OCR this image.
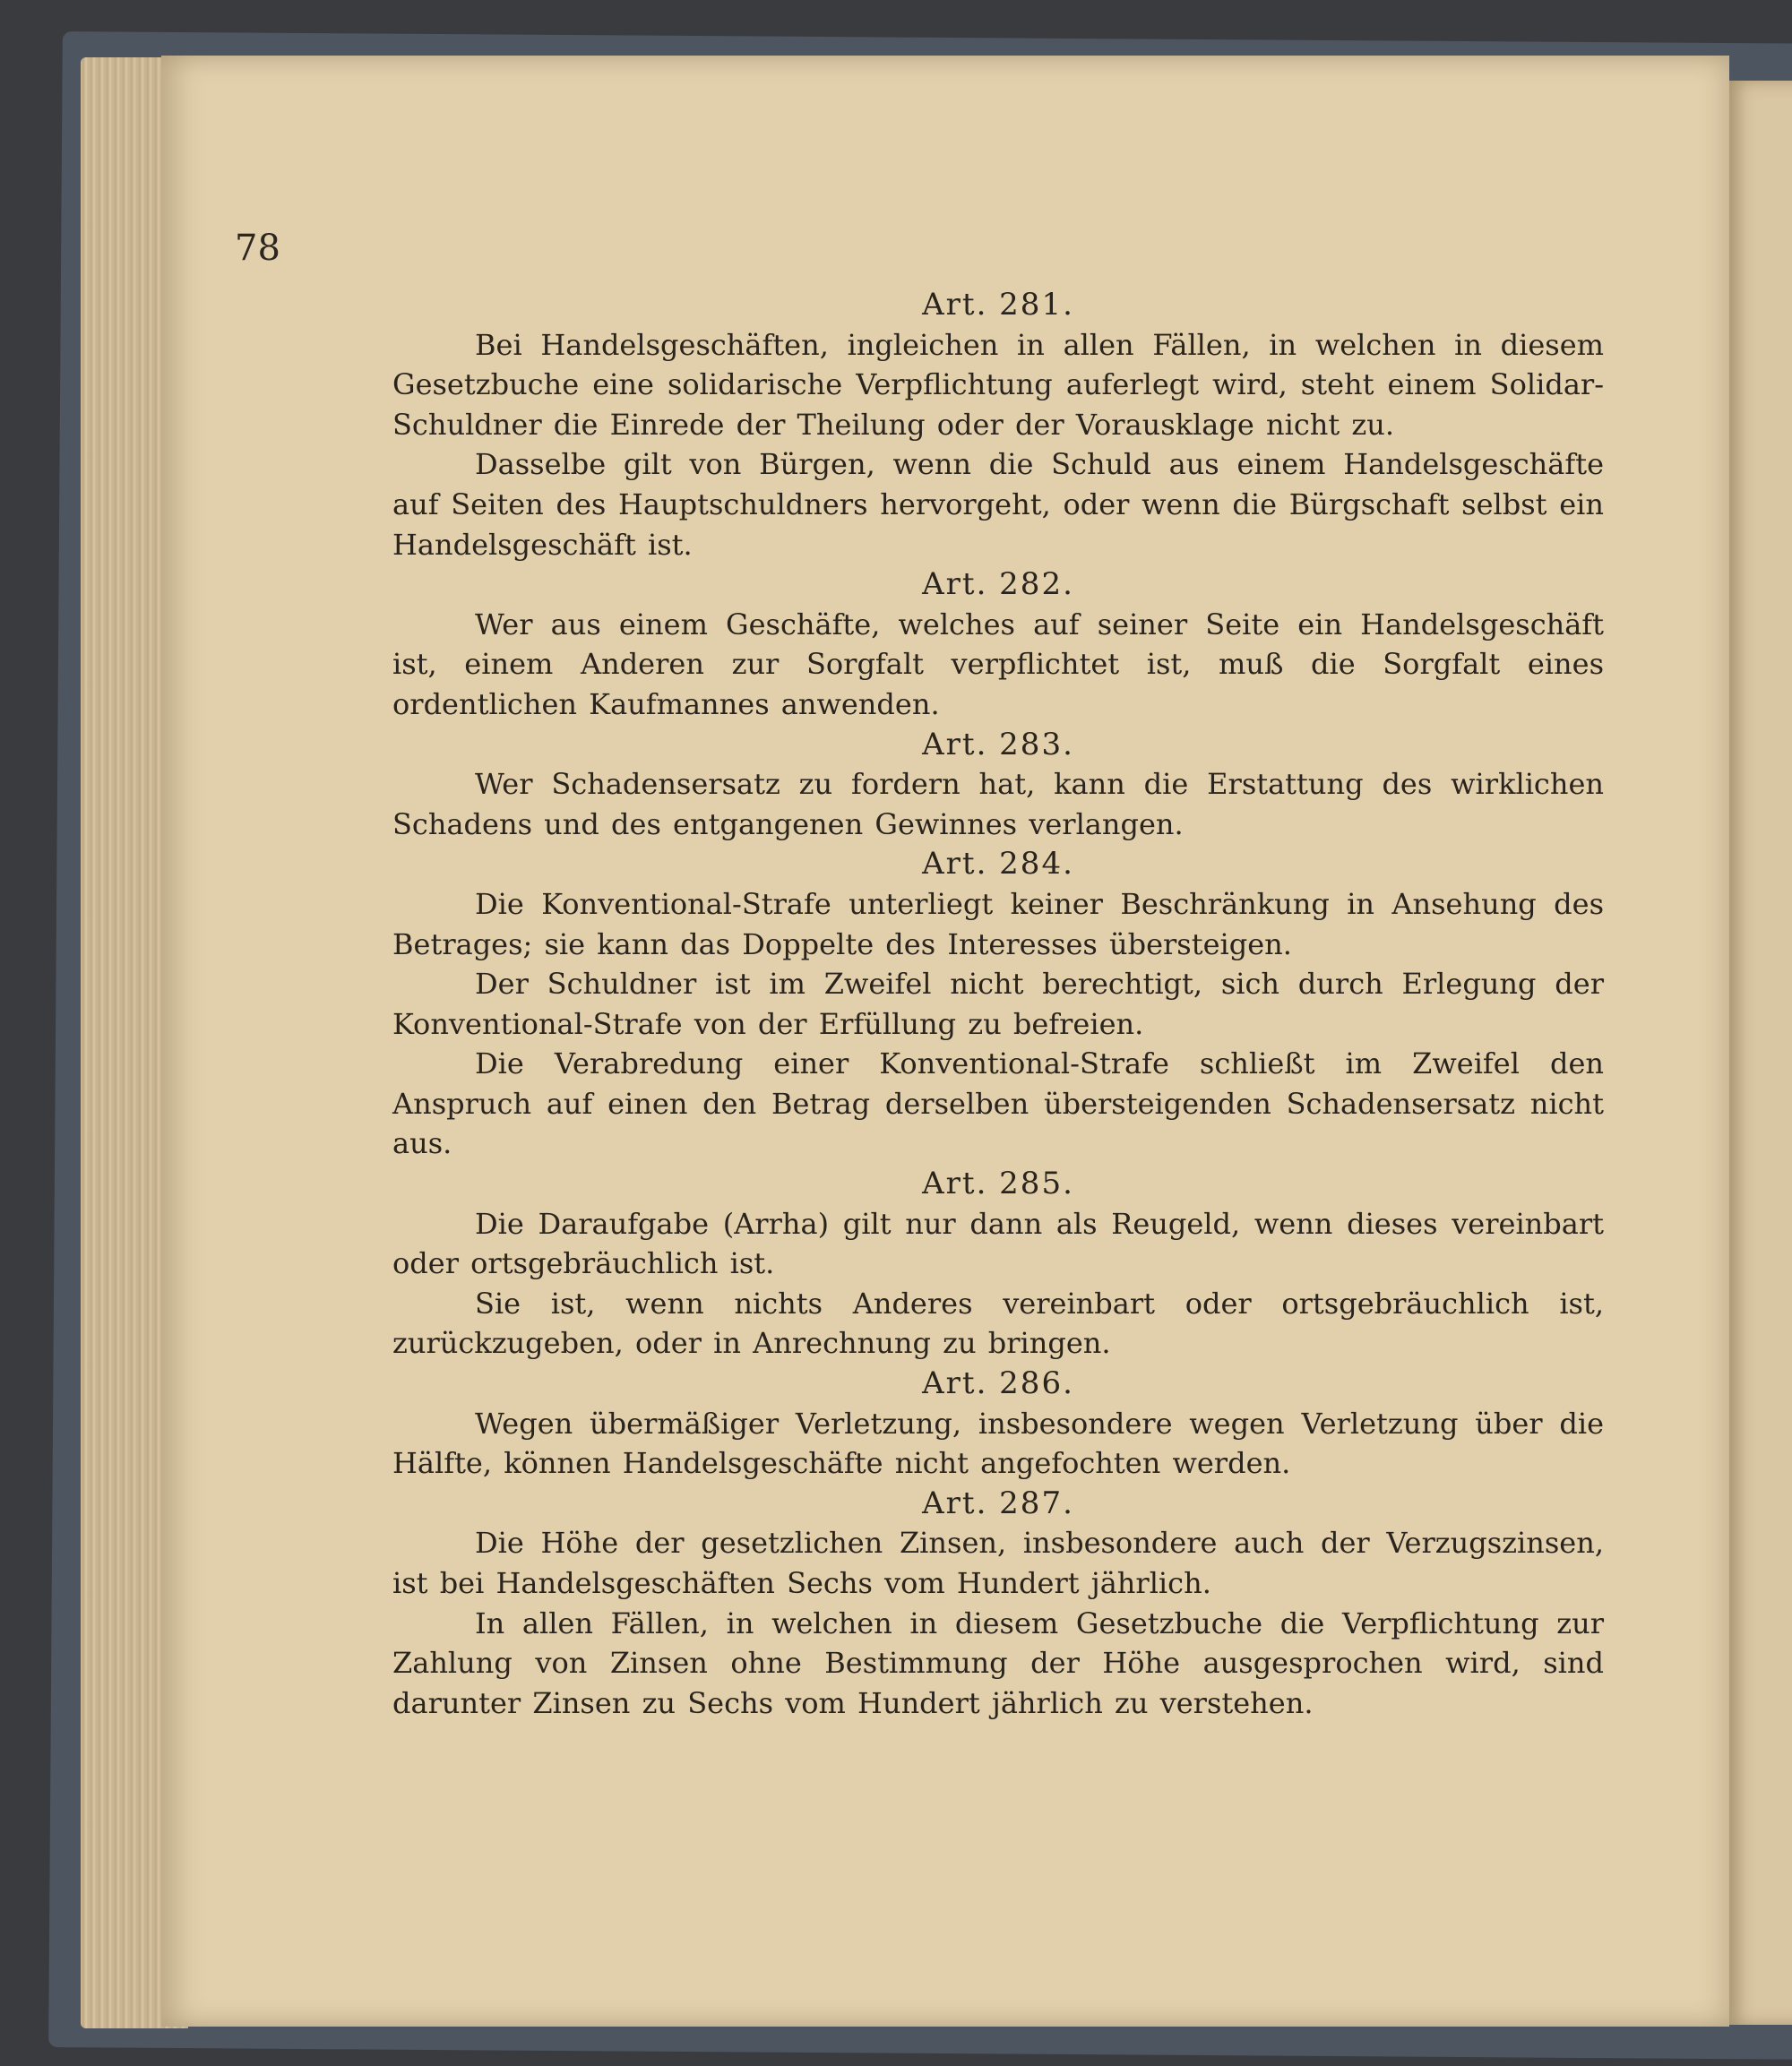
78
Art. 281.

Bei Handelsgeschäften, ingleichen in allen Fällen, in welchen in diesem Gesetzbuche eine solidarische Verpflichtung auferlegt wird, steht einem Solidar-Schuldner die Einrede der Theilung oder der Vorausklage nicht zu.

Dasselbe gilt von Bürgen, wenn die Schuld aus einem Handelsgeschäfte auf Seiten des Hauptschuldners hervorgeht, oder wenn die Bürgschaft selbst ein Handelsgeschäft ist.

Art. 282.

Wer aus einem Geschäfte, welches auf seiner Seite ein Handelsgeschäft ist, einem Anderen zur Sorgfalt verpflichtet ist, muß die Sorgfalt eines ordentlichen Kaufmannes anwenden.

Art. 283.

Wer Schadensersatz zu fordern hat, kann die Erstattung des wirklichen Schadens und des entgangenen Gewinnes verlangen.

Art. 284.

Die Konventional-Strafe unterliegt keiner Beschränkung in Ansehung des Betrages; sie kann das Doppelte des Interesses übersteigen.

Der Schuldner ist im Zweifel nicht berechtigt, sich durch Erlegung der Konventional-Strafe von der Erfüllung zu befreien.

Die Verabredung einer Konventional-Strafe schließt im Zweifel den Anspruch auf einen den Betrag derselben übersteigenden Schadensersatz nicht aus.

Art. 285.

Die Daraufgabe (Arrha) gilt nur dann als Reugeld, wenn dieses vereinbart oder ortsgebräuchlich ist.

Sie ist, wenn nichts Anderes vereinbart oder ortsgebräuchlich ist, zurückzugeben, oder in Anrechnung zu bringen.

Art. 286.

Wegen übermäßiger Verletzung, insbesondere wegen Verletzung über die Hälfte, können Handelsgeschäfte nicht angefochten werden.

Art. 287.

Die Höhe der gesetzlichen Zinsen, insbesondere auch der Verzugszinsen, ist bei Handelsgeschäften Sechs vom Hundert jährlich.

In allen Fällen, in welchen in diesem Gesetzbuche die Verpflichtung zur Zahlung von Zinsen ohne Bestimmung der Höhe ausgesprochen wird, sind darunter Zinsen zu Sechs vom Hundert jährlich zu verstehen.
